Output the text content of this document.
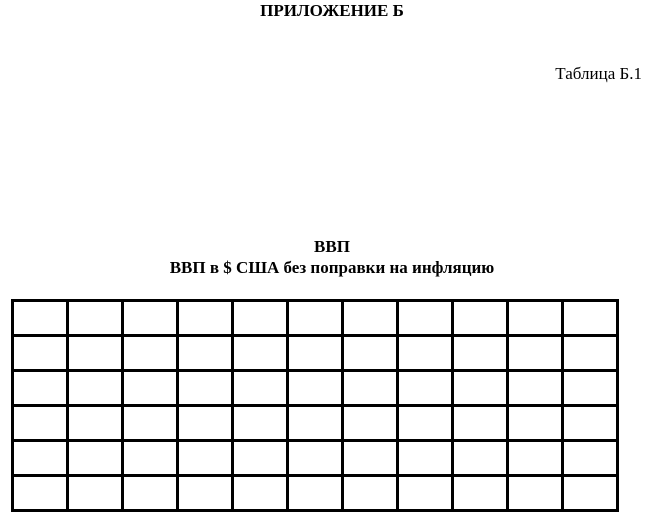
ПРИЛОЖЕНИЕ Б
Таблица Б.1
ВВП
ВВП в $ США без поправки на инфляцию
